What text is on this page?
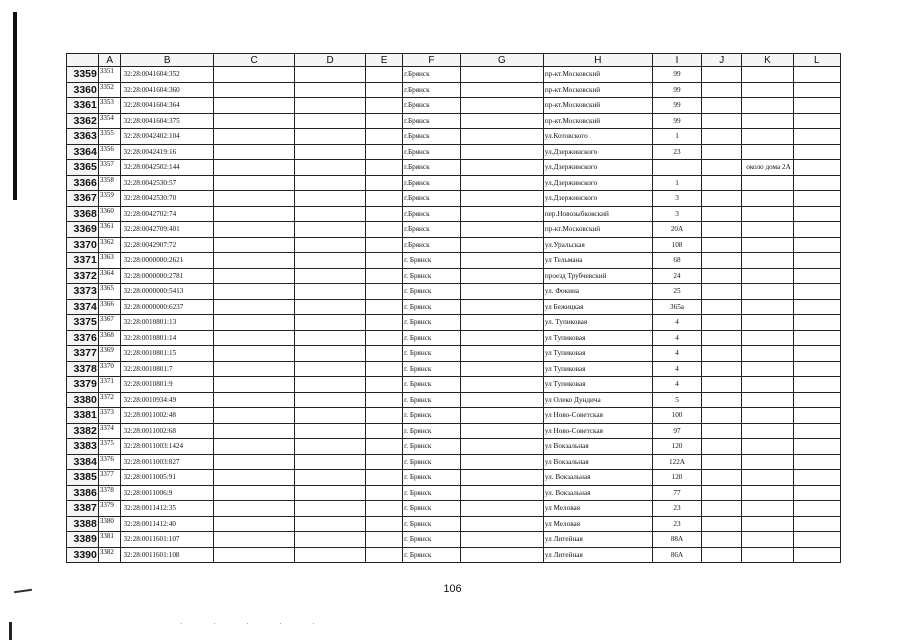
. . . . .
	A	B	C	D	E	F	G	H	I	J	K	L
3359	3351	32:28:0041604:352				г.Брянск		пр-кт.Московский	99			
3360	3352	32:28:0041604:360				г.Брянск		пр-кт.Московский	99			
3361	3353	32:28:0041604:364				г.Брянск		пр-кт.Московский	99			
3362	3354	32:28:0041604:375				г.Брянск		пр-кт.Московский	99			
3363	3355	32:28:0042402:104				г.Брянск		ул.Котовского	1			
3364	3356	32:28:0042419:16				г.Брянск		ул.Дзержинского	23			
3365	3357	32:28:0042502:144				г.Брянск		ул.Дзержинского			около дома 2А	
3366	3358	32:28:0042530:57				г.Брянск		ул.Дзержинского	1			
3367	3359	32:28:0042530:70				г.Брянск		ул.Дзержинского	3			
3368	3360	32:28:0042702:74				г.Брянск		пер.Новозыбковский	3			
3369	3361	32:28:0042709:401				г.Брянск		пр-кт.Московский	20А			
3370	3362	32:28:0042907:72				г.Брянск		ул.Уральская	108			
3371	3363	32:28:0000000:2621				г. Брянск		ул Тельмана	68			
3372	3364	32:28:0000000:2781				г. Брянск		проезд Трубчевский	24			
3373	3365	32:28:0000000:5413				г. Брянск		ул. Фокина	25			
3374	3366	32:28:0000000:6237				г. Брянск		ул Бежицкая	365а			
3375	3367	32:28:0010801:13				г. Брянск		ул. Тупиковая	4			
3376	3368	32:28:0010801:14				г. Брянск		ул Тупиковая	4			
3377	3369	32:28:0010801:15				г. Брянск		ул Тупиковая	4			
3378	3370	32:28:0010801:7				г. Брянск		ул Тупиковая	4			
3379	3371	32:28:0010801:9				г. Брянск		ул Тупиковая	4			
3380	3372	32:28:0010934:49				г. Брянск		ул Олеко Дундича	5			
3381	3373	32:28:0011002:48				г. Брянск		ул Ново-Советская	100			
3382	3374	32:28:0011002:68				г. Брянск		ул Ново-Советская	97			
3383	3375	32:28:0011003:1424				г. Брянск		ул Вокзальная	120			
3384	3376	32:28:0011003:827				г. Брянск		ул Вокзальная	122А			
3385	3377	32:28:0011005:91				г. Брянск		ул. Вокзальная	120			
3386	3378	32:28:0011006:9				г. Брянск		ул. Вокзальная	77			
3387	3379	32:28:0011412:35				г. Брянск		ул Меловая	23			
3388	3380	32:28:0011412:40				г. Брянск		ул Меловая	23			
3389	3381	32:28:0011601:107				г. Брянск		ул Литейная	88А			
3390	3382	32:28:0011601:108				г. Брянск		ул Литейная	86А			
106
